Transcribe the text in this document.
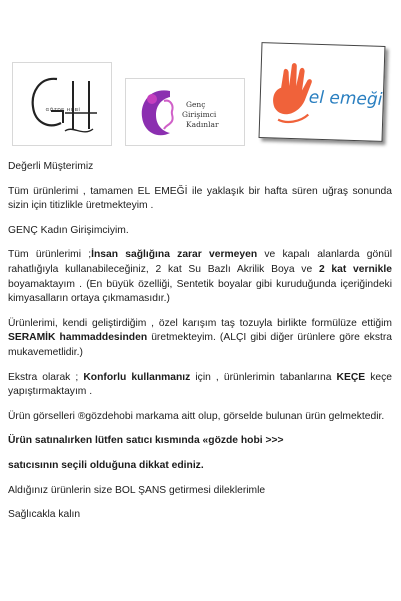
GÖZDE HOBİ
Genç
Girişimci
Kadınlar
el emeği

Değerli Müşterimiz

Tüm ürünlerimi , tamamen EL EMEĞİ ile yaklaşık bir hafta süren uğraş sonunda sizin için titizlikle üretmekteyim .

GENÇ Kadın Girişimciyim.

Tüm ürünlerimi ;İnsan sağlığına zarar vermeyen ve kapalı alanlarda gönül rahatlığıyla kullanabileceğiniz, 2 kat Su Bazlı Akrilik Boya ve 2 kat vernikle boyamaktayım . (En büyük özelliği, Sentetik boyalar gibi kuruduğunda içeriğindeki kimyasalların ortaya çıkmamasıdır.)

Ürünlerimi, kendi geliştirdiğim , özel karışım taş tozuyla birlikte formülüze ettiğim SERAMİK hammaddesinden üretmekteyim. (ALÇI gibi diğer ürünlere göre ekstra mukavemetlidir.)

Ekstra olarak ; Konforlu kullanmanız için , ürünlerimin tabanlarına KEÇE keçe yapıştırmaktayım .

Ürün görselleri ®gözdehobi markama aitt olup, görselde bulunan ürün gelmektedir.

Ürün satınalırken lütfen satıcı kısmında «gözde hobi >>>

satıcısının seçili olduğuna dikkat ediniz.

Aldığınız ürünlerin size BOL ŞANS getirmesi dileklerimle

Sağlıcakla kalın
